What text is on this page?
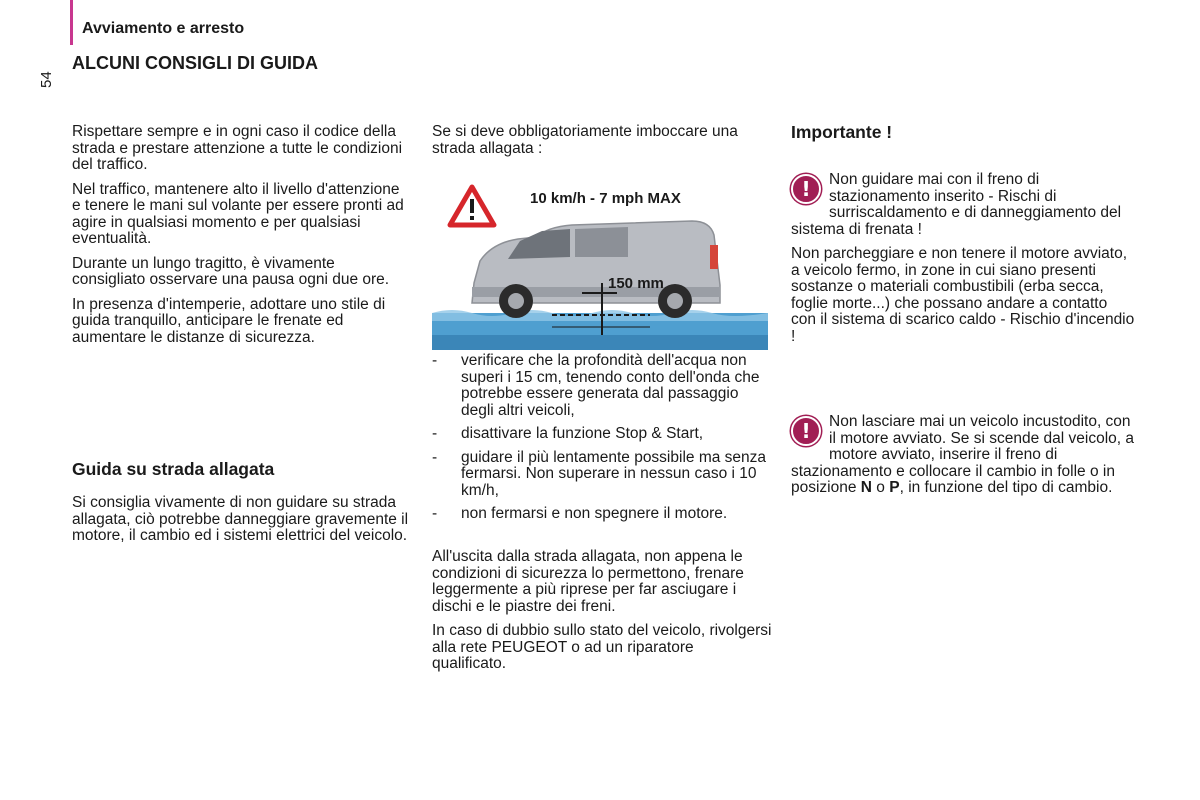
Avviamento e arresto
54
ALCUNI CONSIGLI DI GUIDA

Rispettare sempre e in ogni caso il codice della strada e prestare attenzione a tutte le condizioni del traffico.

Nel traffico, mantenere alto il livello d'attenzione e tenere le mani sul volante per essere pronti ad agire in qualsiasi momento e per qualsiasi eventualità.

Durante un lungo tragitto, è vivamente consigliato osservare una pausa ogni due ore.

In presenza d'intemperie, adottare uno stile di guida tranquillo, anticipare le frenate ed aumentare le distanze di sicurezza.

Guida su strada allagata
Si consiglia vivamente di non guidare su strada allagata, ciò potrebbe danneggiare gravemente il motore, il cambio ed i sistemi elettrici del veicolo.

Se si deve obbligatoriamente imboccare una strada allagata :

10 km/h - 7 mph MAX
150 mm
- verificare che la profondità dell'acqua non superi i 15 cm, tenendo conto dell'onda che potrebbe essere generata dal passaggio degli altri veicoli,
- disattivare la funzione Stop & Start,
- guidare il più lentamente possibile ma senza fermarsi. Non superare in nessun caso i 10 km/h,
- non fermarsi e non spegnere il motore.

All'uscita dalla strada allagata, non appena le condizioni di sicurezza lo permettono, frenare leggermente a più riprese per far asciugare i dischi e le piastre dei freni.

In caso di dubbio sullo stato del veicolo, rivolgersi alla rete PEUGEOT o ad un riparatore qualificato.

Importante !
!	Non guidare mai con il freno di stazionamento inserito - Rischi di surriscaldamento e di danneggiamento del sistema di frenata !

Non parcheggiare e non tenere il motore avviato, a veicolo fermo, in zone in cui siano presenti sostanze o materiali combustibili (erba secca, foglie morte...) che possano andare a contatto con il sistema di scarico caldo - Rischio d'incendio !

!	Non lasciare mai un veicolo incustodito, con il motore avviato. Se si scende dal veicolo, a motore avviato, inserire il freno di stazionamento e collocare il cambio in folle o in posizione N o P, in funzione del tipo di cambio.
